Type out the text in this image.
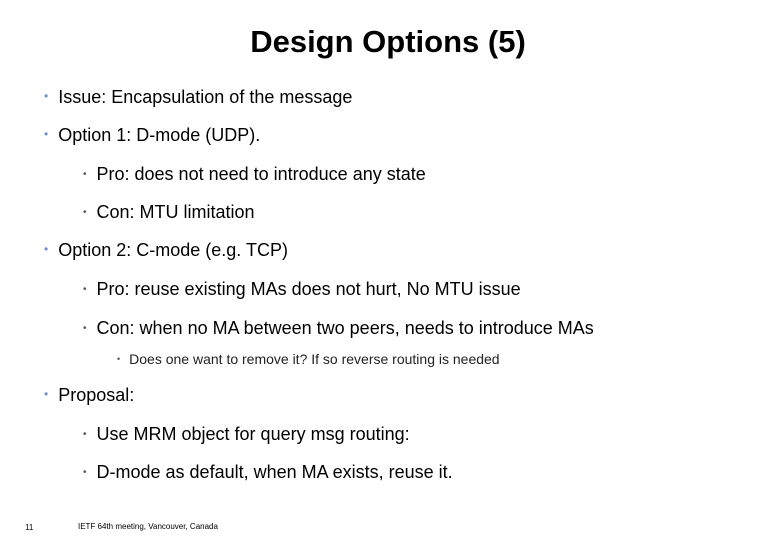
Design Options (5)
• Issue: Encapsulation of the message
• Option 1: D-mode (UDP).
• Pro: does not need to introduce any state
• Con: MTU limitation
• Option 2: C-mode (e.g. TCP)
• Pro: reuse existing MAs does not hurt, No MTU issue
• Con: when no MA between two peers, needs to introduce MAs
• Does one want to remove it? If so reverse routing is needed
• Proposal:
• Use MRM object for query msg routing:
• D-mode as default, when MA exists, reuse it.
11	IETF 64th meeting, Vancouver, Canada
